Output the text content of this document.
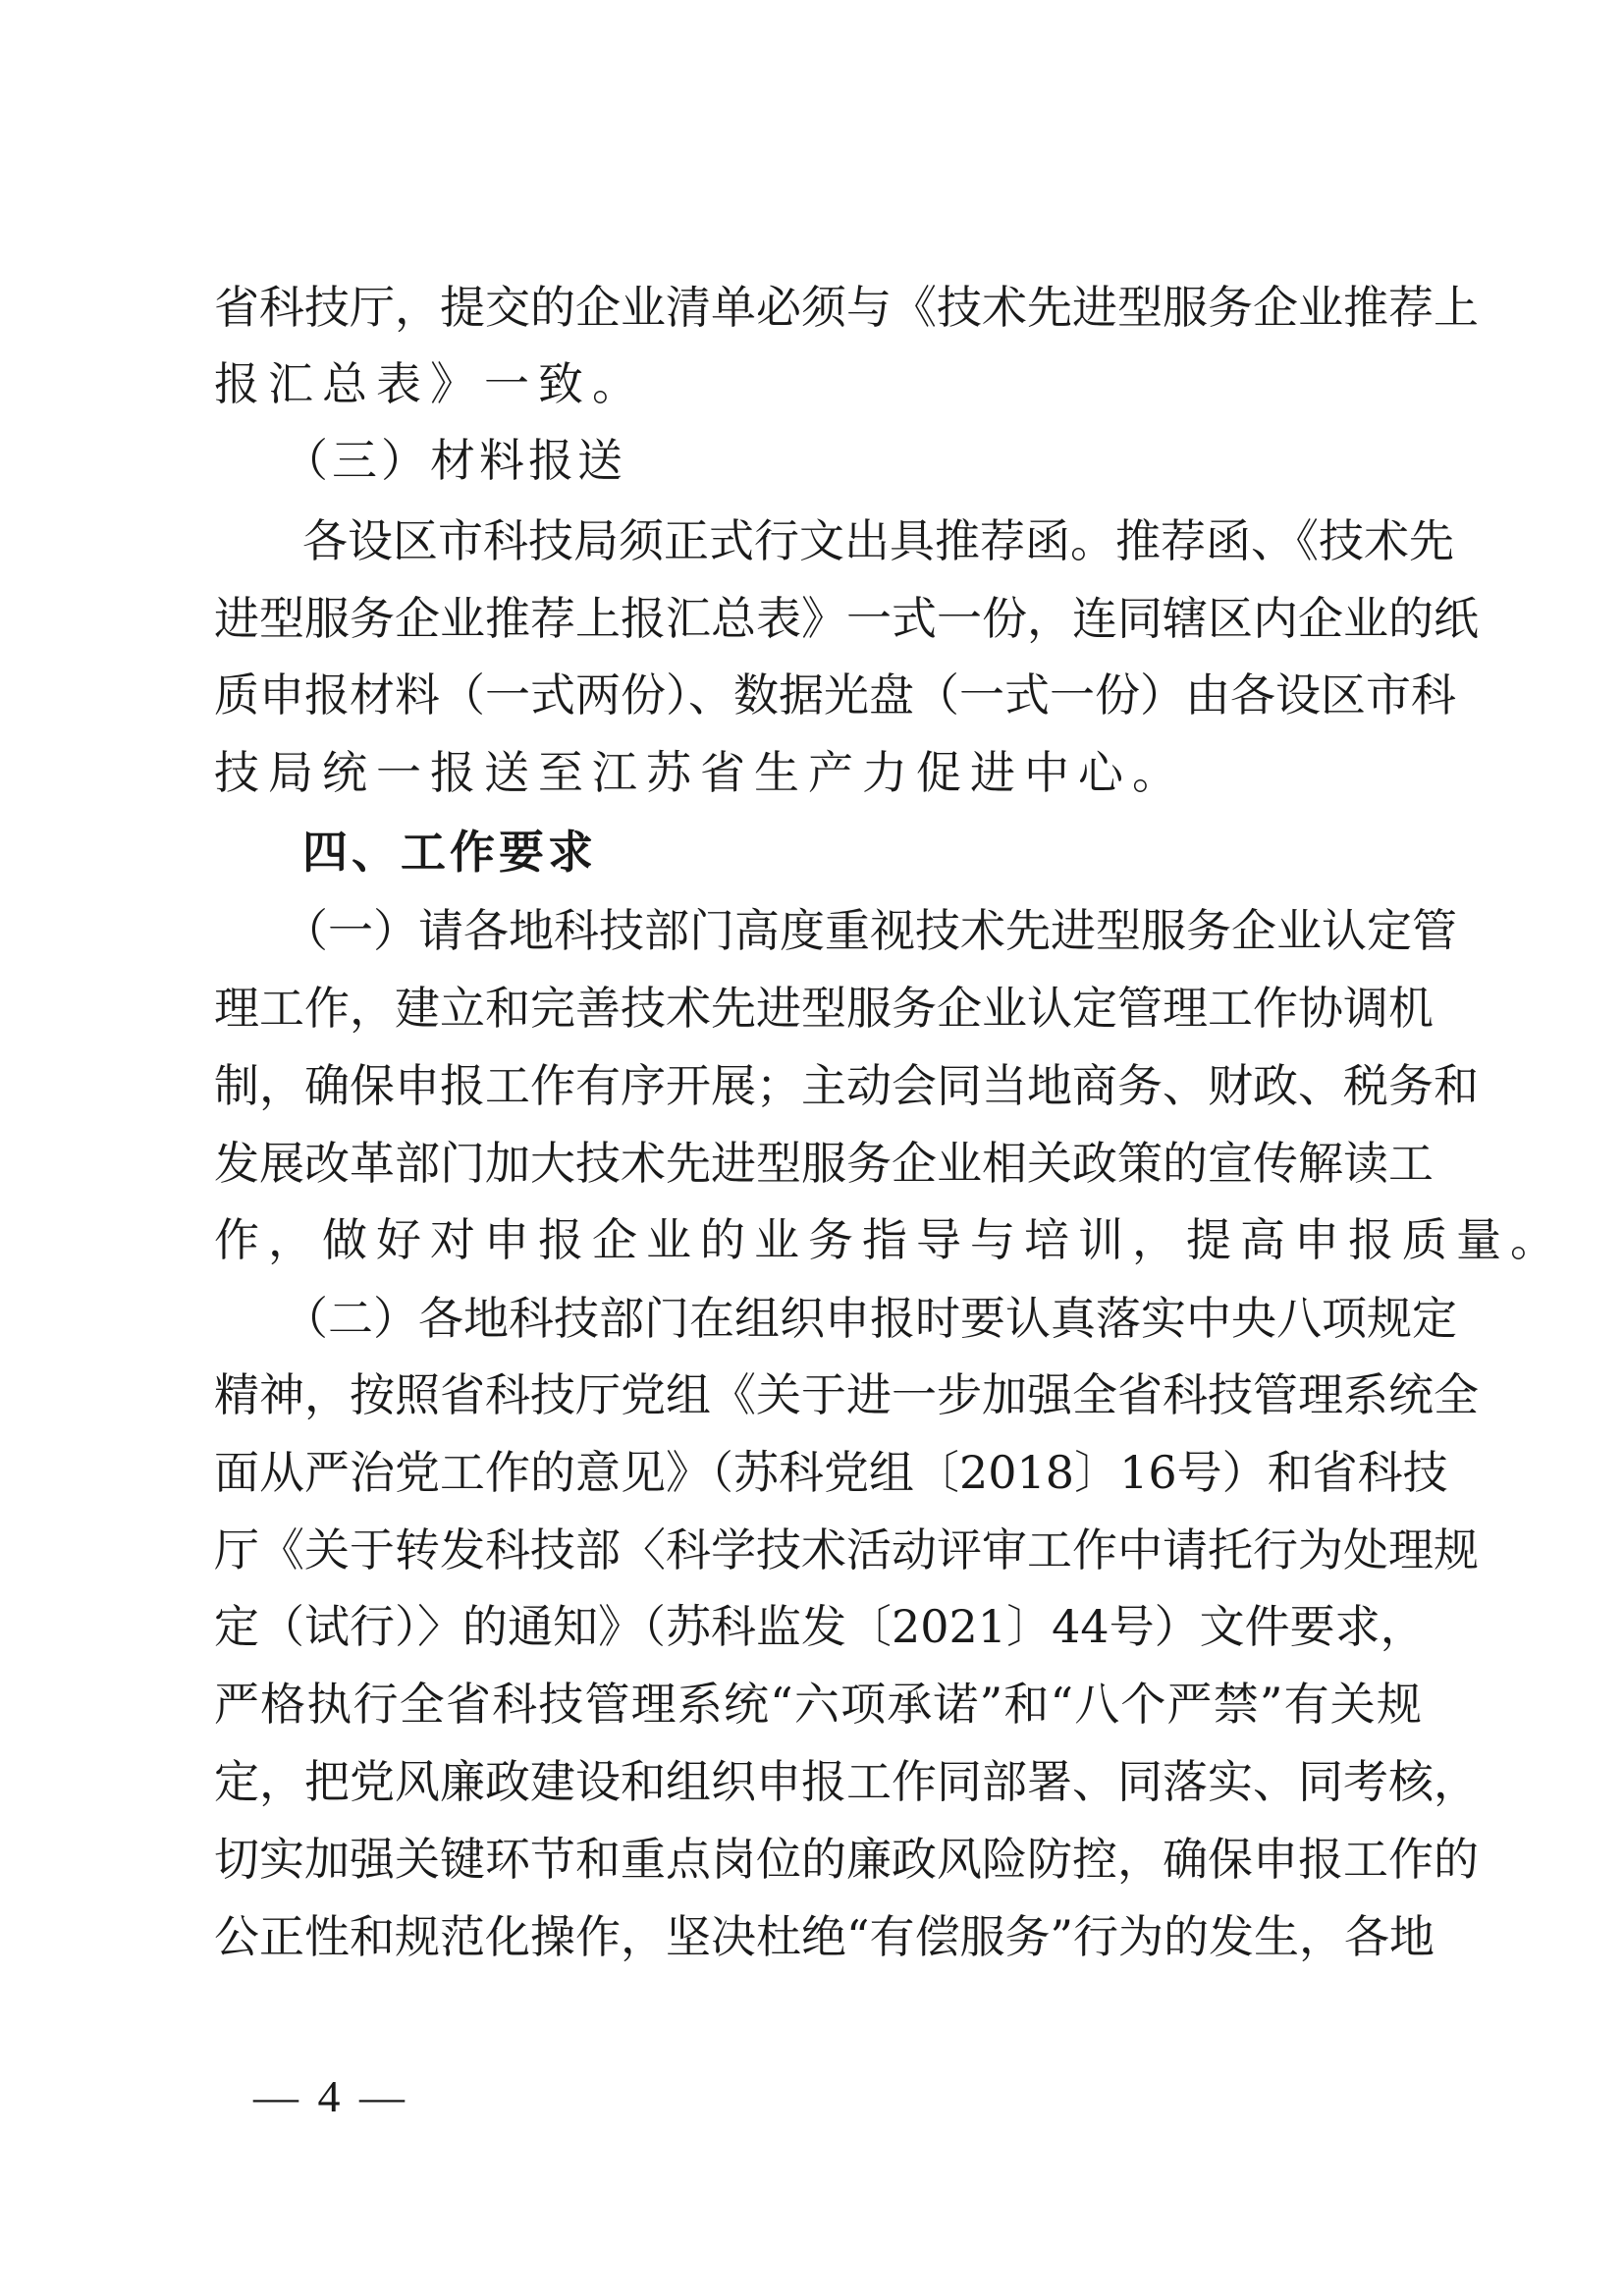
省科技厅，提交的企业清单必须与《技术先进型服务企业推荐上
报汇总表》一致。
（三）材料报送
各设区市科技局须正式行文出具推荐函。推荐函、《技术先
进型服务企业推荐上报汇总表》一式一份，连同辖区内企业的纸
质申报材料（一式两份）、数据光盘（一式一份）由各设区市科
技局统一报送至江苏省生产力促进中心。
四、工作要求
（一）请各地科技部门高度重视技术先进型服务企业认定管
理工作，建立和完善技术先进型服务企业认定管理工作协调机
制，确保申报工作有序开展；主动会同当地商务、财政、税务和
发展改革部门加大技术先进型服务企业相关政策的宣传解读工
作，做好对申报企业的业务指导与培训，提高申报质量。
（二）各地科技部门在组织申报时要认真落实中央八项规定
精神，按照省科技厅党组《关于进一步加强全省科技管理系统全
面从严治党工作的意见》（苏科党组〔2018〕16号）和省科技
厅《关于转发科技部〈科学技术活动评审工作中请托行为处理规
定（试行）〉的通知》（苏科监发〔2021〕44号）文件要求，
严格执行全省科技管理系统“六项承诺”和“八个严禁”有关规
定，把党风廉政建设和组织申报工作同部署、同落实、同考核，
切实加强关键环节和重点岗位的廉政风险防控，确保申报工作的
公正性和规范化操作，坚决杜绝“有偿服务”行为的发生，各地
— 4 —
